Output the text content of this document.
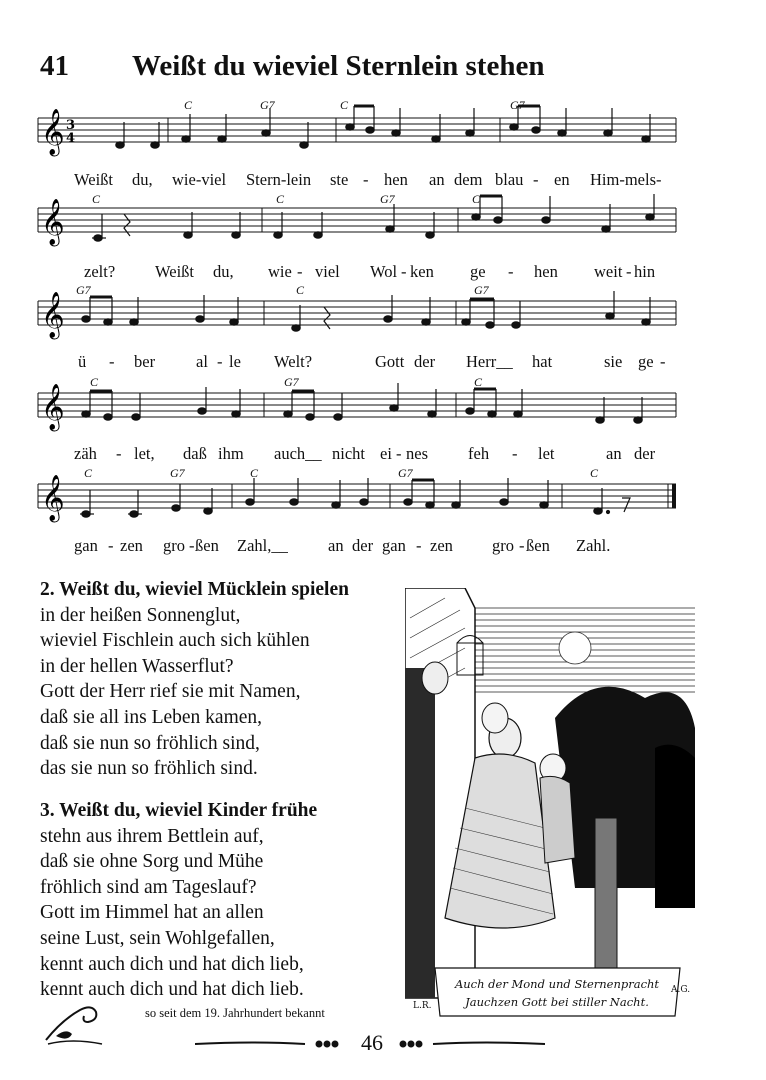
41 Weißt du wieviel Sternlein stehen
C	G7	C	G7
𝄞 3
4
Weißt du, wie-viel Stern-lein ste - hen an dem blau - en Him-mels-
C	C	G7	C
𝄞
zelt? Weißt du, wie - viel Wol - ken ge - hen weit - hin
G7	C	G7
𝄞
ü - ber al - le Welt?	Gott der Herr__ hat	sie ge -
C	G7	C
𝄞
zäh - let, daß ihm auch__ nicht ei - nes feh - let	an der
C	G7	C	G7	C
𝄞
gan - zen gro - ßen Zahl,__ an der gan - zen gro - ßen Zahl.
2. Weißt du, wieviel Mücklein spielen
in der heißen Sonnenglut,
wieviel Fischlein auch sich kühlen
in der hellen Wasserflut?
Gott der Herr rief sie mit Namen,
daß sie all ins Leben kamen,
daß sie nun so fröhlich sind,
das sie nun so fröhlich sind.
3. Weißt du, wieviel Kinder frühe
stehn aus ihrem Bettlein auf,
daß sie ohne Sorg und Mühe
fröhlich sind am Tageslauf?
Gott im Himmel hat an allen
seine Lust, sein Wohlgefallen,
kennt auch dich und hat dich lieb,
kennt auch dich und hat dich lieb.	Auch der Mond und Sternenpracht
Jauchzen Gott bei stiller Nacht.
L.R.
A.G.
so seit dem 19. Jahrhundert bekannt
46
